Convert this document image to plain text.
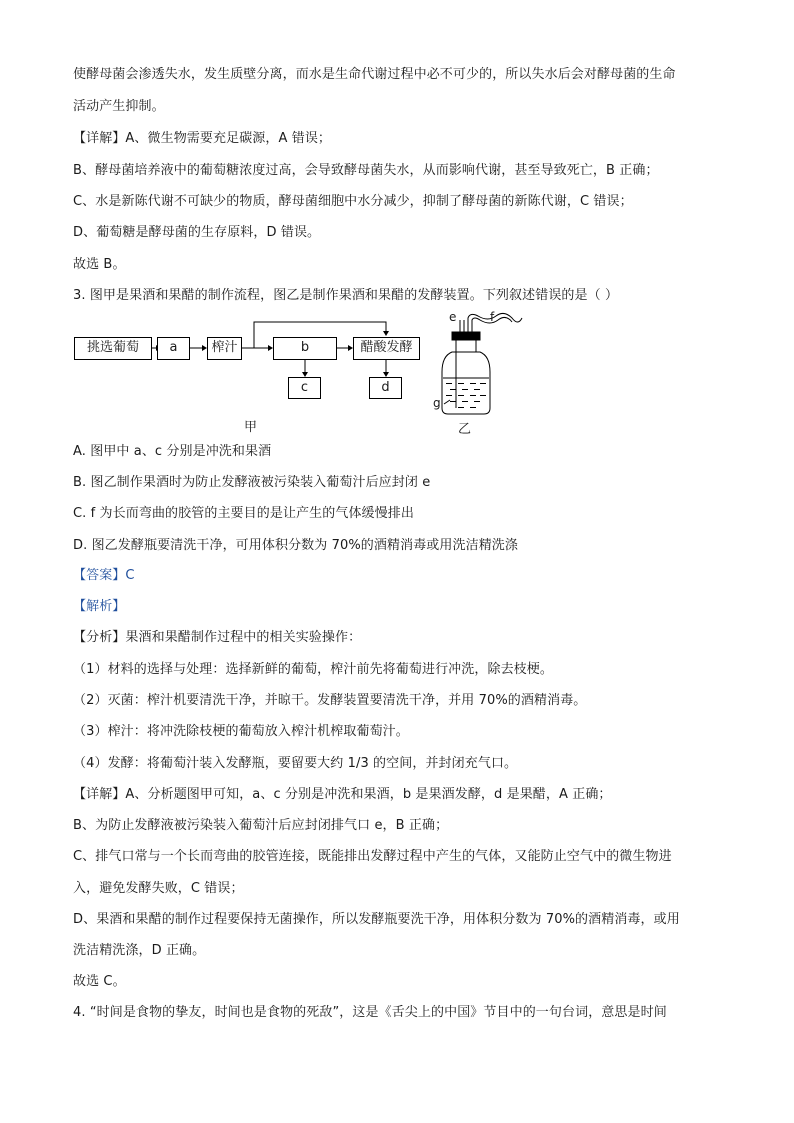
使酵母菌会渗透失水，发生质壁分离，而水是生命代谢过程中必不可少的，所以失水后会对酵母菌的生命
活动产生抑制。
【详解】A、微生物需要充足碳源，A 错误；
B、酵母菌培养液中的葡萄糖浓度过高，会导致酵母菌失水，从而影响代谢，甚至导致死亡，B 正确；
C、水是新陈代谢不可缺少的物质，酵母菌细胞中水分减少，抑制了酵母菌的新陈代谢，C 错误；
D、葡萄糖是酵母菌的生存原料，D 错误。
故选 B。
3. 图甲是果酒和果醋的制作流程，图乙是制作果酒和果醋的发酵装置。下列叙述错误的是（ ）
挑选葡萄	a	榨汁	b	醋酸发酵
c	d
甲	乙
e	f
g
A. 图甲中 a、c 分别是冲洗和果酒
B. 图乙制作果酒时为防止发酵液被污染装入葡萄汁后应封闭 e
C. f 为长而弯曲的胶管的主要目的是让产生的气体缓慢排出
D. 图乙发酵瓶要清洗干净，可用体积分数为 70%的酒精消毒或用洗洁精洗涤
【答案】C
【解析】
【分析】果酒和果醋制作过程中的相关实验操作：
（1）材料的选择与处理：选择新鲜的葡萄，榨汁前先将葡萄进行冲洗，除去枝梗。
（2）灭菌：榨汁机要清洗干净，并晾干。发酵装置要清洗干净，并用 70%的酒精消毒。
（3）榨汁：将冲洗除枝梗的葡萄放入榨汁机榨取葡萄汁。
（4）发酵：将葡萄汁装入发酵瓶，要留要大约 1/3 的空间，并封闭充气口。
【详解】A、分析题图甲可知，a、c 分别是冲洗和果酒，b 是果酒发酵，d 是果醋，A 正确；
B、为防止发酵液被污染装入葡萄汁后应封闭排气口 e，B 正确；
C、排气口常与一个长而弯曲的胶管连接，既能排出发酵过程中产生的气体，又能防止空气中的微生物进
入，避免发酵失败，C 错误；
D、果酒和果醋的制作过程要保持无菌操作，所以发酵瓶要洗干净，用体积分数为 70%的酒精消毒，或用
洗洁精洗涤，D 正确。
故选 C。
4. “时间是食物的挚友，时间也是食物的死敌”，这是《舌尖上的中国》节目中的一句台词，意思是时间
